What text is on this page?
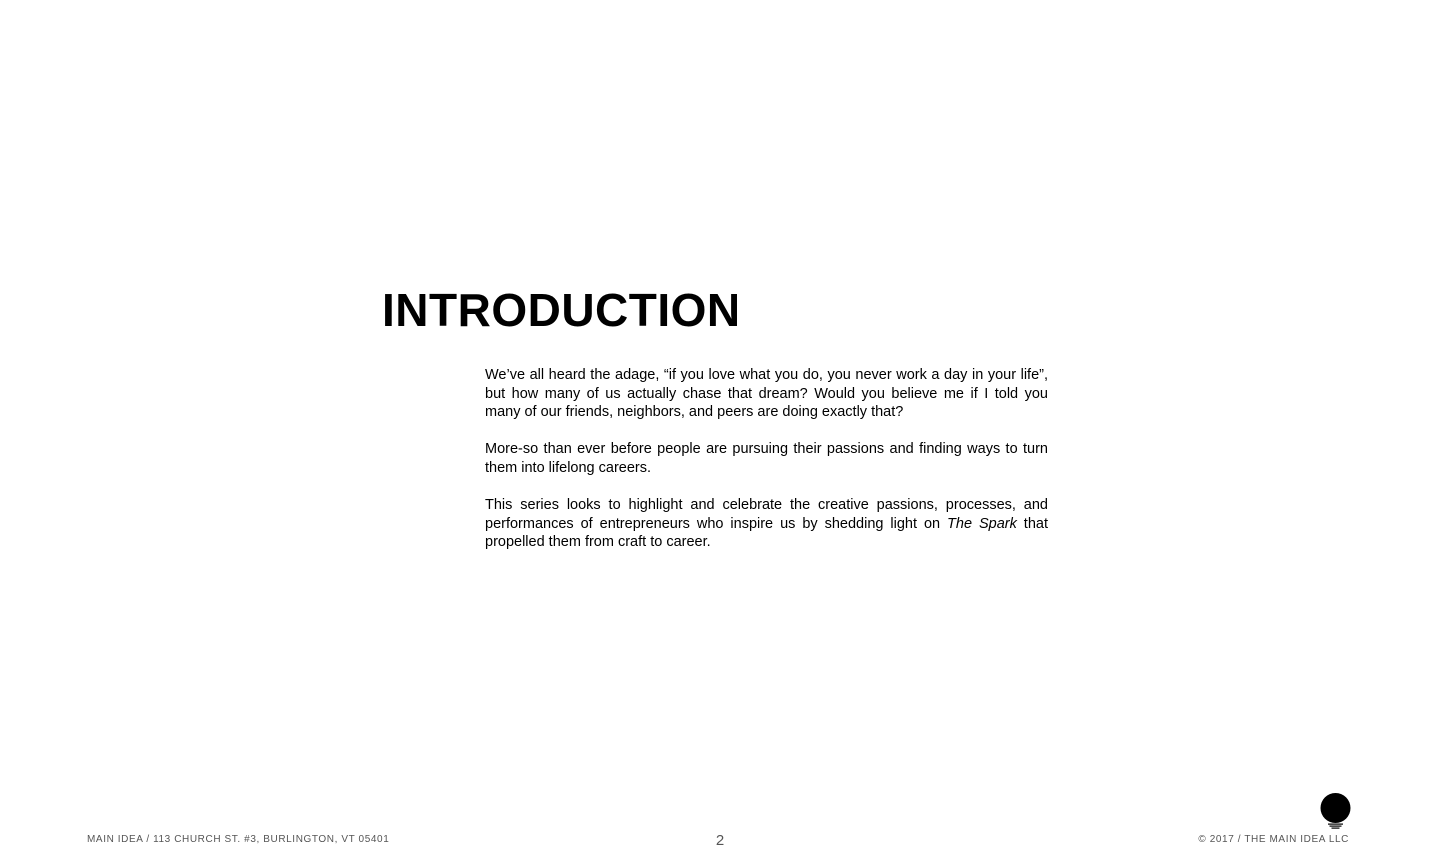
INTRODUCTION

We’ve all heard the adage, “if you love what you do, you never work a day in your life”, but how many of us actually chase that dream? Would you believe me if I told you many of our friends, neighbors, and peers are doing exactly that?

More-so than ever before people are pursuing their passions and finding ways to turn them into lifelong careers.

This series looks to highlight and celebrate the creative passions, processes, and performances of entrepreneurs who inspire us by shedding light on The Spark that propelled them from craft to career.

MAIN IDEA / 113 CHURCH ST. #3, BURLINGTON, VT 05401	2	© 2017 / THE MAIN IDEA LLC
